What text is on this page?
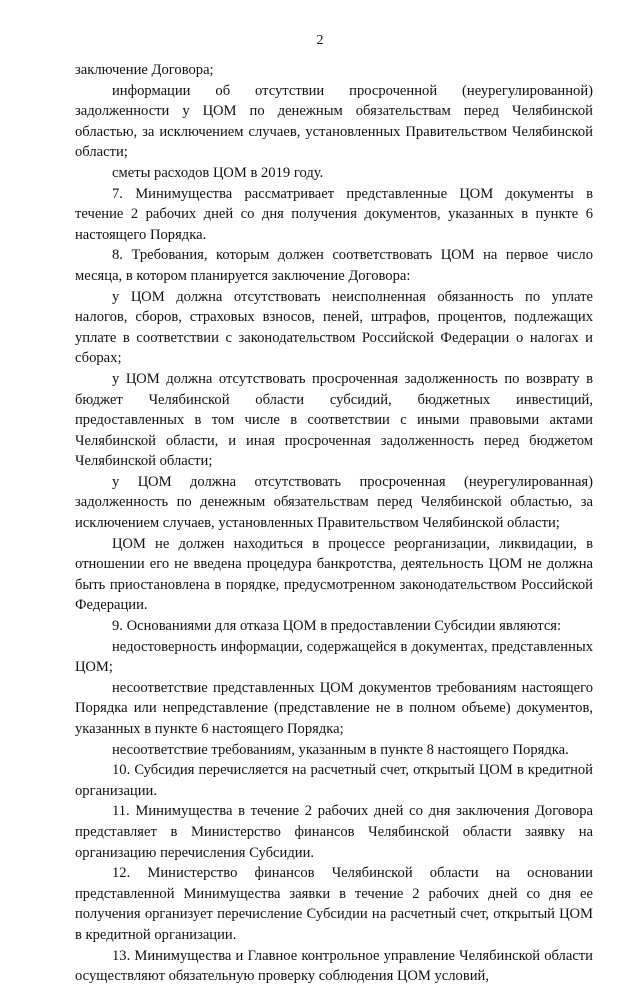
2

заключение Договора;

информации об отсутствии просроченной (неурегулированной) задолженности у ЦОМ по денежным обязательствам перед Челябинской областью, за исключением случаев, установленных Правительством Челябинской области;

сметы расходов ЦОМ в 2019 году.

7. Минимущества рассматривает представленные ЦОМ документы в течение 2 рабочих дней со дня получения документов, указанных в пункте 6 настоящего Порядка.

8. Требования, которым должен соответствовать ЦОМ на первое число месяца, в котором планируется заключение Договора:

у ЦОМ должна отсутствовать неисполненная обязанность по уплате налогов, сборов, страховых взносов, пеней, штрафов, процентов, подлежащих уплате в соответствии с законодательством Российской Федерации о налогах и сборах;

у ЦОМ должна отсутствовать просроченная задолженность по возврату в бюджет Челябинской области субсидий, бюджетных инвестиций, предоставленных в том числе в соответствии с иными правовыми актами Челябинской области, и иная просроченная задолженность перед бюджетом Челябинской области;

у ЦОМ должна отсутствовать просроченная (неурегулированная) задолженность по денежным обязательствам перед Челябинской областью, за исключением случаев, установленных Правительством Челябинской области;

ЦОМ не должен находиться в процессе реорганизации, ликвидации, в отношении его не введена процедура банкротства, деятельность ЦОМ не должна быть приостановлена в порядке, предусмотренном законодательством Российской Федерации.

9. Основаниями для отказа ЦОМ в предоставлении Субсидии являются:

недостоверность информации, содержащейся в документах, представленных ЦОМ;

несоответствие представленных ЦОМ документов требованиям настоящего Порядка или непредставление (представление не в полном объеме) документов, указанных в пункте 6 настоящего Порядка;

несоответствие требованиям, указанным в пункте 8 настоящего Порядка.

10. Субсидия перечисляется на расчетный счет, открытый ЦОМ в кредитной организации.

11. Минимущества в течение 2 рабочих дней со дня заключения Договора представляет в Министерство финансов Челябинской области заявку на организацию перечисления Субсидии.

12. Министерство финансов Челябинской области на основании представленной Минимущества заявки в течение 2 рабочих дней со дня ее получения организует перечисление Субсидии на расчетный счет, открытый ЦОМ в кредитной организации.

13. Минимущества и Главное контрольное управление Челябинской области осуществляют обязательную проверку соблюдения ЦОМ условий,
